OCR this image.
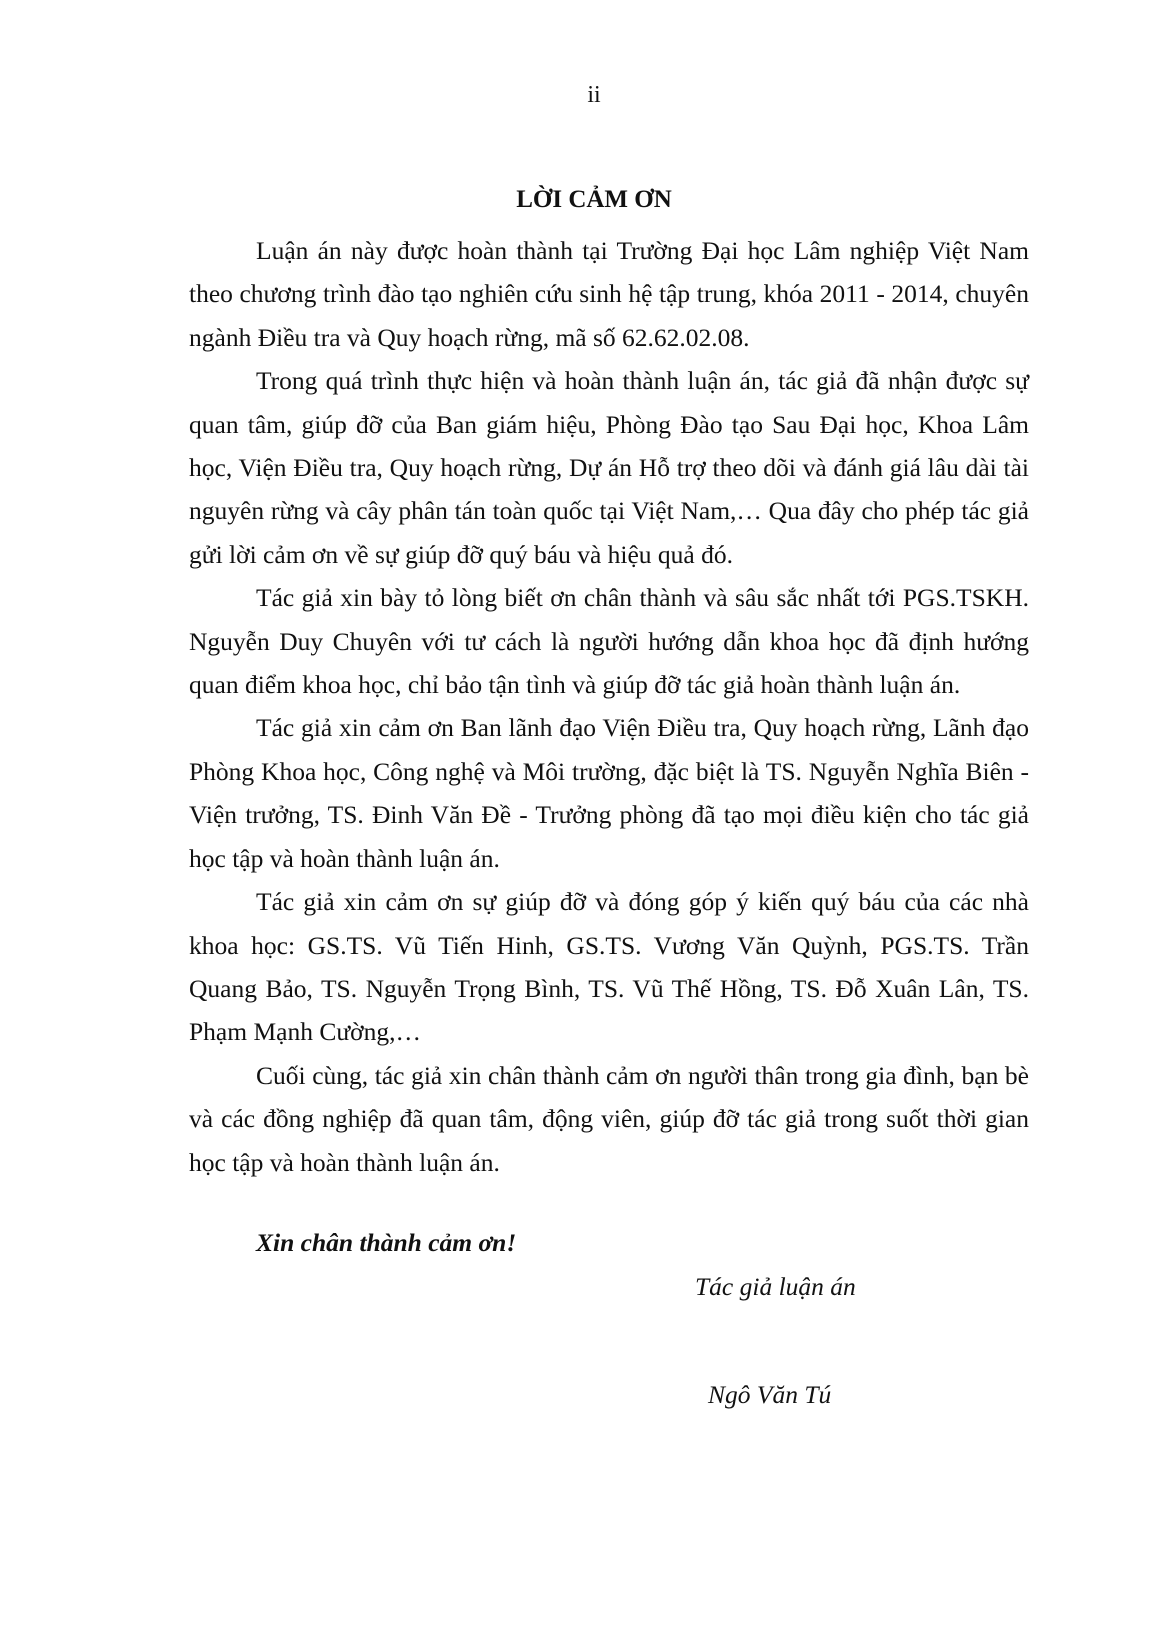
ii
LỜI CẢM ƠN

Luận án này được hoàn thành tại Trường Đại học Lâm nghiệp Việt Nam theo chương trình đào tạo nghiên cứu sinh hệ tập trung, khóa 2011 - 2014, chuyên ngành Điều tra và Quy hoạch rừng, mã số 62.62.02.08.

Trong quá trình thực hiện và hoàn thành luận án, tác giả đã nhận được sự quan tâm, giúp đỡ của Ban giám hiệu, Phòng Đào tạo Sau Đại học, Khoa Lâm học, Viện Điều tra, Quy hoạch rừng, Dự án Hỗ trợ theo dõi và đánh giá lâu dài tài nguyên rừng và cây phân tán toàn quốc tại Việt Nam,… Qua đây cho phép tác giả gửi lời cảm ơn về sự giúp đỡ quý báu và hiệu quả đó.

Tác giả xin bày tỏ lòng biết ơn chân thành và sâu sắc nhất tới PGS.TSKH. Nguyễn Duy Chuyên với tư cách là người hướng dẫn khoa học đã định hướng quan điểm khoa học, chỉ bảo tận tình và giúp đỡ tác giả hoàn thành luận án.

Tác giả xin cảm ơn Ban lãnh đạo Viện Điều tra, Quy hoạch rừng, Lãnh đạo Phòng Khoa học, Công nghệ và Môi trường, đặc biệt là TS. Nguyễn Nghĩa Biên - Viện trưởng, TS. Đinh Văn Đề - Trưởng phòng đã tạo mọi điều kiện cho tác giả học tập và hoàn thành luận án.

Tác giả xin cảm ơn sự giúp đỡ và đóng góp ý kiến quý báu của các nhà khoa học: GS.TS. Vũ Tiến Hinh, GS.TS. Vương Văn Quỳnh, PGS.TS. Trần Quang Bảo, TS. Nguyễn Trọng Bình, TS. Vũ Thế Hồng, TS. Đỗ Xuân Lân, TS. Phạm Mạnh Cường,…

Cuối cùng, tác giả xin chân thành cảm ơn người thân trong gia đình, bạn bè và các đồng nghiệp đã quan tâm, động viên, giúp đỡ tác giả trong suốt thời gian học tập và hoàn thành luận án.

Xin chân thành cảm ơn!
Tác giả luận án
Ngô Văn Tú
